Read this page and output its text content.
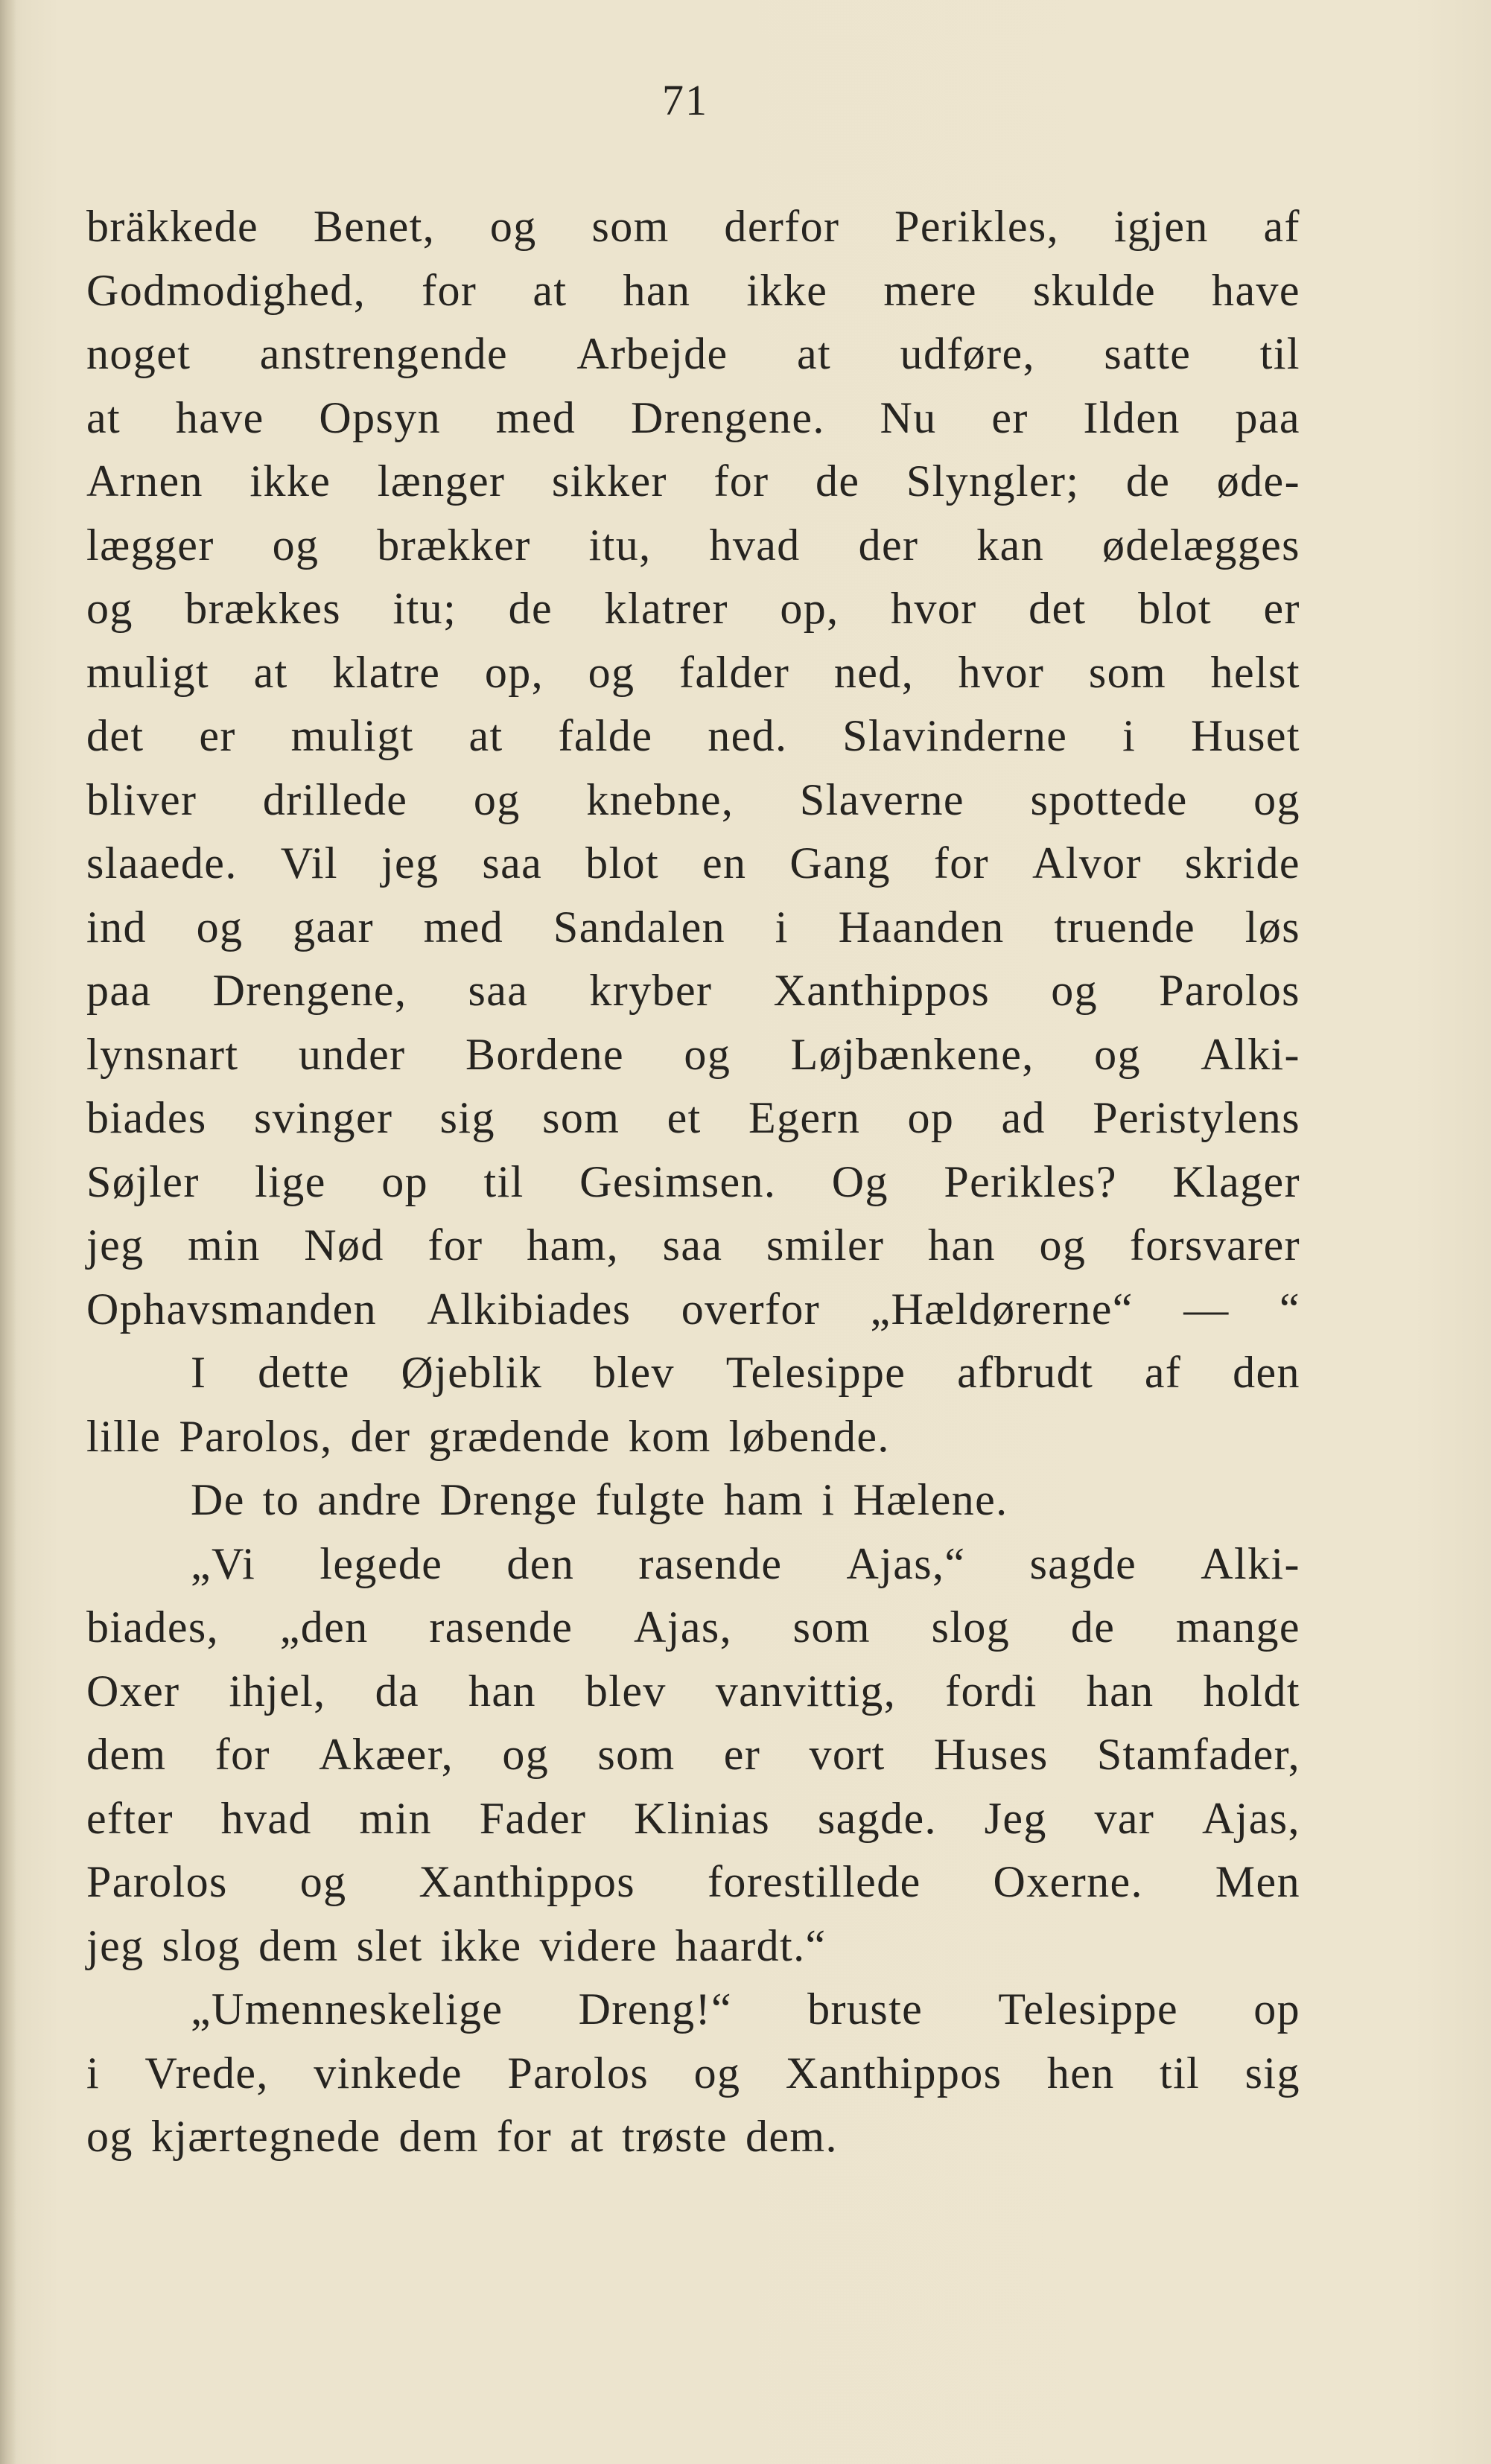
71
bräkkede Benet, og som derfor Perikles, igjen af
Godmodighed, for at han ikke mere skulde have
noget anstrengende Arbejde at udføre, satte til
at have Opsyn med Drengene. Nu er Ilden paa
Arnen ikke længer sikker for de Slyngler; de øde-
lægger og brækker itu, hvad der kan ødelægges
og brækkes itu; de klatrer op, hvor det blot er
muligt at klatre op, og falder ned, hvor som helst
det er muligt at falde ned. Slavinderne i Huset
bliver drillede og knebne, Slaverne spottede og
slaaede. Vil jeg saa blot en Gang for Alvor skride
ind og gaar med Sandalen i Haanden truende løs
paa Drengene, saa kryber Xanthippos og Parolos
lynsnart under Bordene og Løjbænkene, og Alki-
biades svinger sig som et Egern op ad Peristylens
Søjler lige op til Gesimsen. Og Perikles? Klager
jeg min Nød for ham, saa smiler han og forsvarer
Ophavsmanden Alkibiades overfor „Hældørerne“ — “
I dette Øjeblik blev Telesippe afbrudt af den
lille Parolos, der grædende kom løbende.
De to andre Drenge fulgte ham i Hælene.
„Vi legede den rasende Ajas,“ sagde Alki-
biades, „den rasende Ajas, som slog de mange
Oxer ihjel, da han blev vanvittig, fordi han holdt
dem for Akæer, og som er vort Huses Stamfader,
efter hvad min Fader Klinias sagde. Jeg var Ajas,
Parolos og Xanthippos forestillede Oxerne. Men
jeg slog dem slet ikke videre haardt.“
„Umenneskelige Dreng!“ bruste Telesippe op
i Vrede, vinkede Parolos og Xanthippos hen til sig
og kjærtegnede dem for at trøste dem.
